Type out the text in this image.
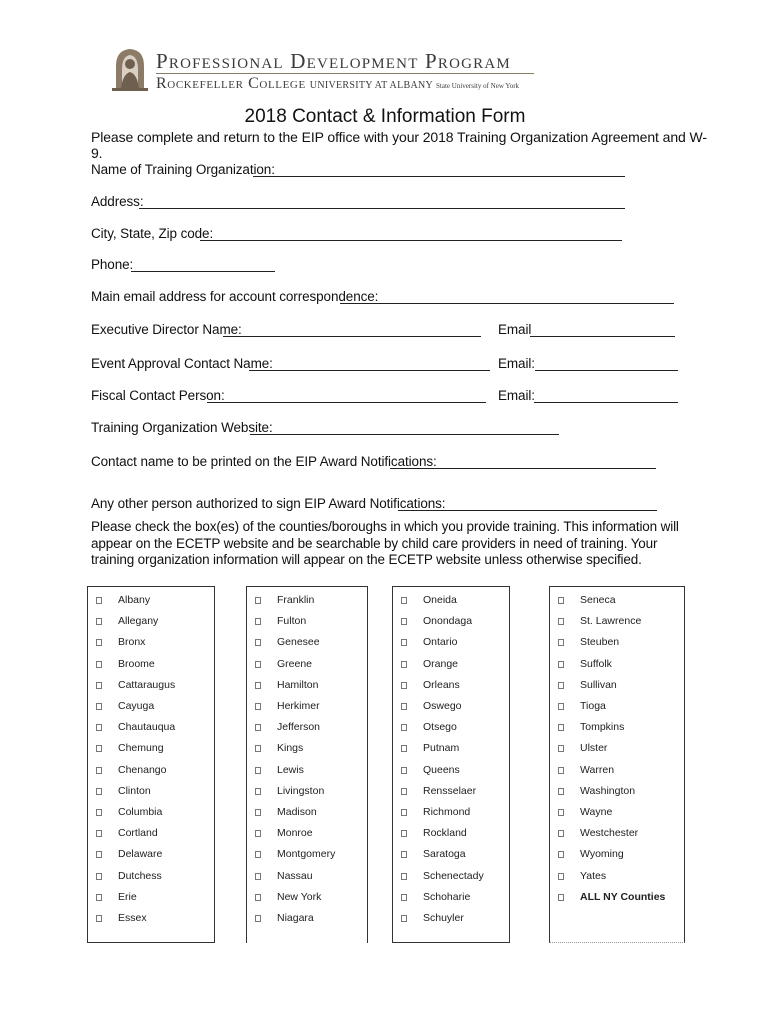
Professional Development Program
Rockefeller College UNIVERSITY AT ALBANY State University of New York
2018 Contact & Information Form
Please complete and return to the EIP office with your 2018 Training Organization Agreement and W-9.
Name of Training Organization:
Address:
City, State, Zip code:
Phone:
Main email address for account correspondence:
Executive Director Name:	Email
Event Approval Contact Name:	Email:
Fiscal Contact Person:	Email:
Training Organization Website:
Contact name to be printed on the EIP Award Notifications:
Any other person authorized to sign EIP Award Notifications:
Please check the box(es) of the counties/boroughs in which you provide training. This information will appear on the ECETP website and be searchable by child care providers in need of training. Your training organization information will appear on the ECETP website unless otherwise specified.
Albany
Allegany
Bronx
Broome
Cattaraugus
Cayuga
Chautauqua
Chemung
Chenango
Clinton
Columbia
Cortland
Delaware
Dutchess
Erie
Essex
Franklin
Fulton
Genesee
Greene
Hamilton
Herkimer
Jefferson
Kings
Lewis
Livingston
Madison
Monroe
Montgomery
Nassau
New York
Niagara
Oneida
Onondaga
Ontario
Orange
Orleans
Oswego
Otsego
Putnam
Queens
Rensselaer
Richmond
Rockland
Saratoga
Schenectady
Schoharie
Schuyler
Seneca
St. Lawrence
Steuben
Suffolk
Sullivan
Tioga
Tompkins
Ulster
Warren
Washington
Wayne
Westchester
Wyoming
Yates
ALL NY Counties
